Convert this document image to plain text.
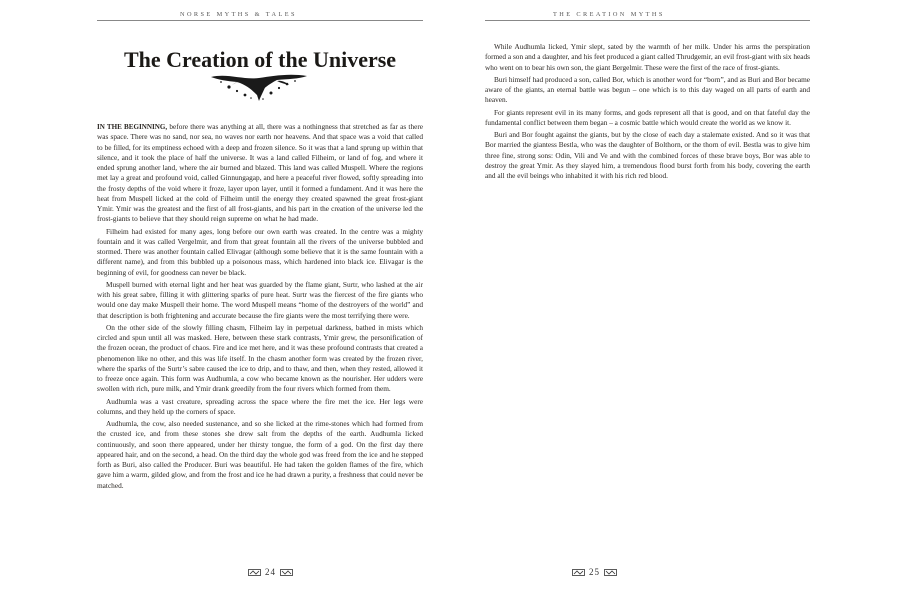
NORSE MYTHS & TALES
The Creation of the Universe

IN THE BEGINNING, before there was anything at all, there was a nothingness that stretched as far as there was space. There was no sand, nor sea, no waves nor earth nor heavens. And that space was a void that called to be filled, for its emptiness echoed with a deep and frozen silence. So it was that a land sprung up within that silence, and it took the place of half the universe. It was a land called Filheim, or land of fog, and where it ended sprung another land, where the air burned and blazed. This land was called Muspell. Where the regions met lay a great and profound void, called Ginnungagap, and here a peaceful river flowed, softly spreading into the frosty depths of the void where it froze, layer upon layer, until it formed a fundament. And it was here the heat from Muspell licked at the cold of Filheim until the energy they created spawned the great frost-giant Ymir. Ymir was the greatest and the first of all frost-giants, and his part in the creation of the universe led the frost-giants to believe that they should reign supreme on what he had made.

Filheim had existed for many ages, long before our own earth was created. In the centre was a mighty fountain and it was called Vergelmir, and from that great fountain all the rivers of the universe bubbled and stormed. There was another fountain called Elivagar (although some believe that it is the same fountain with a different name), and from this bubbled up a poisonous mass, which hardened into black ice. Elivagar is the beginning of evil, for goodness can never be black.

Muspell burned with eternal light and her heat was guarded by the flame giant, Surtr, who lashed at the air with his great sabre, filling it with glittering sparks of pure heat. Surtr was the fiercest of the fire giants who would one day make Muspell their home. The word Muspell means “home of the destroyers of the world” and that description is both frightening and accurate because the fire giants were the most terrifying there were.

On the other side of the slowly filling chasm, Filheim lay in perpetual darkness, bathed in mists which circled and spun until all was masked. Here, between these stark contrasts, Ymir grew, the personification of the frozen ocean, the product of chaos. Fire and ice met here, and it was these profound contrasts that created a phenomenon like no other, and this was life itself. In the chasm another form was created by the frozen river, where the sparks of the Surtr’s sabre caused the ice to drip, and to thaw, and then, when they rested, allowed it to freeze once again. This form was Audhumla, a cow who became known as the nourisher. Her udders were swollen with rich, pure milk, and Ymir drank greedily from the four rivers which formed from them.

Audhumla was a vast creature, spreading across the space where the fire met the ice. Her legs were columns, and they held up the corners of space.

Audhumla, the cow, also needed sustenance, and so she licked at the rime-stones which had formed from the crusted ice, and from these stones she drew salt from the depths of the earth. Audhumla licked continuously, and soon there appeared, under her thirsty tongue, the form of a god. On the first day there appeared hair, and on the second, a head. On the third day the whole god was freed from the ice and he stepped forth as Buri, also called the Producer. Buri was beautiful. He had taken the golden flames of the fire, which gave him a warm, gilded glow, and from the frost and ice he had drawn a purity, a freshness that could never be matched.

24
THE CREATION MYTHS

While Audhumla licked, Ymir slept, sated by the warmth of her milk. Under his arms the perspiration formed a son and a daughter, and his feet produced a giant called Thrudgemir, an evil frost-giant with six heads who went on to bear his own son, the giant Bergelmir. These were the first of the race of frost-giants.

Buri himself had produced a son, called Bor, which is another word for “born”, and as Buri and Bor became aware of the giants, an eternal battle was begun – one which is to this day waged on all parts of earth and heaven.

For giants represent evil in its many forms, and gods represent all that is good, and on that fateful day the fundamental conflict between them began – a cosmic battle which would create the world as we know it.

Buri and Bor fought against the giants, but by the close of each day a stalemate existed. And so it was that Bor married the giantess Bestla, who was the daughter of Bolthorn, or the thorn of evil. Bestla was to give him three fine, strong sons: Odin, Vili and Ve and with the combined forces of these brave boys, Bor was able to destroy the great Ymir. As they slayed him, a tremendous flood burst forth from his body, covering the earth and all the evil beings who inhabited it with his rich red blood.

25
